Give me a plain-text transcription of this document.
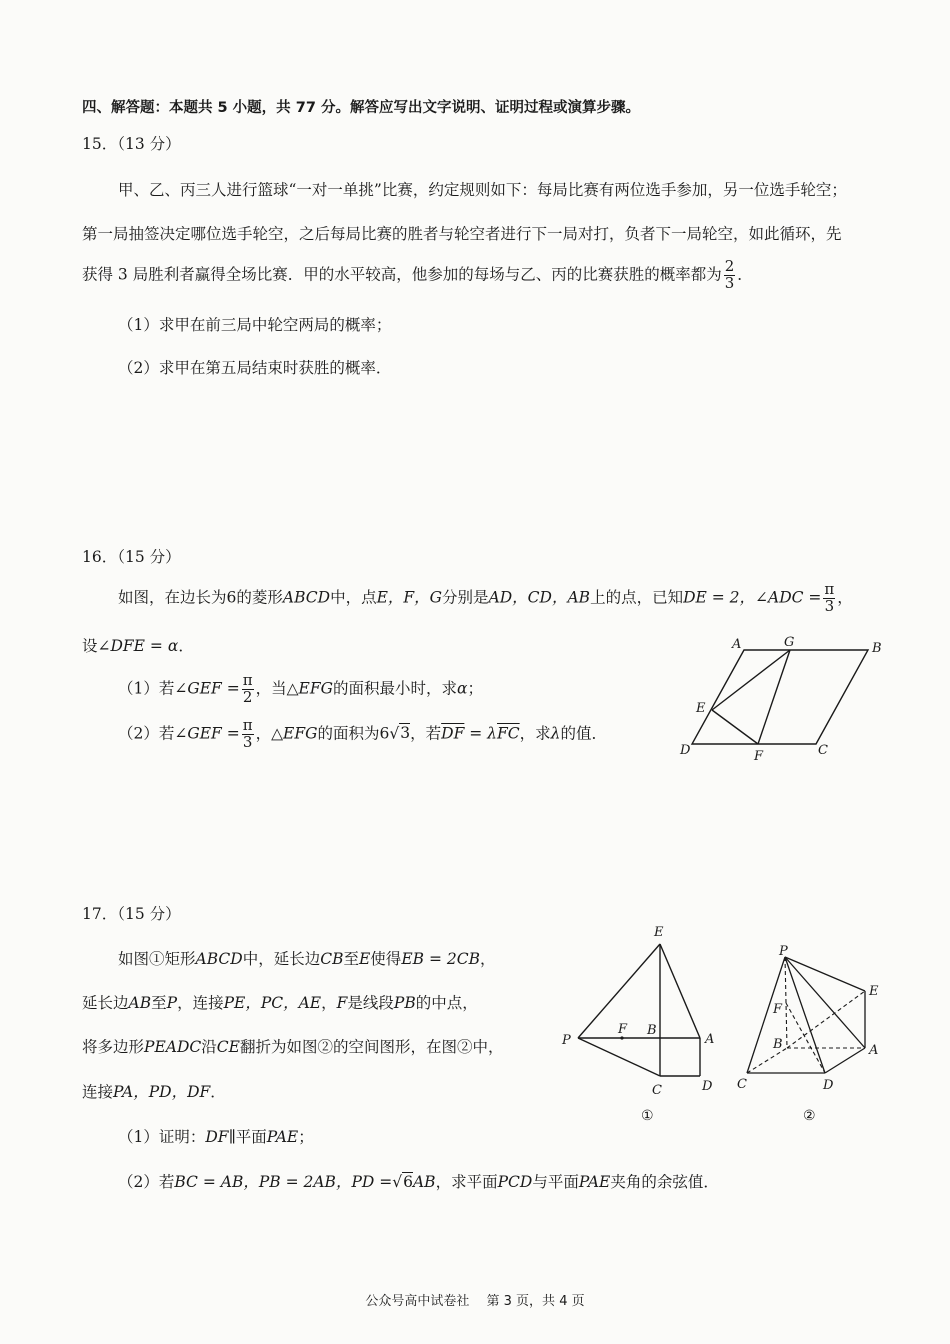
四、解答题：本题共 5 小题，共 77 分。解答应写出文字说明、证明过程或演算步骤。
15．（13 分）
甲、乙、丙三人进行篮球“一对一单挑”比赛，约定规则如下：每局比赛有两位选手参加，另一位选手轮空；
第一局抽签决定哪位选手轮空，之后每局比赛的胜者与轮空者进行下一局对打，负者下一局轮空，如此循环，先
获得 3 局胜利者赢得全场比赛．甲的水平较高，他参加的每场与乙、丙的比赛获胜的概率都为 $\frac{2}{3}$ ．
（1）求甲在前三局中轮空两局的概率；
（2）求甲在第五局结束时获胜的概率．
16．（15 分）
如图，在边长为6的菱形ABCD中，点E，F，G分别是AD，CD，AB上的点，已知DE = 2，∠ADC = $\frac{\pi}{3}$ ，
设∠DFE = α．
（1）若∠GEF = $\frac{\pi}{2}$ ，当△EFG的面积最小时，求α；
（2）若∠GEF = $\frac{\pi}{3}$ ，△EFG的面积为6√3，若$\overline{DF} = \lambda\overline{FC}$，求λ的值．
A	G	B
E
D	F	C
17．（15 分）
如图①矩形ABCD中，延长边CB至E使得EB = 2CB，
延长边AB至P，连接PE，PC，AE，F是线段PB的中点，
将多边形PEADC沿CE翻折为如图②的空间图形，在图②中，
连接PA，PD，DF．
（1）证明：DF∥平面PAE；
（2）若BC = AB，PB = 2AB，PD =√6AB，求平面PCD与平面PAE夹角的余弦值．
E
P
F B
A
C	D
①
P
E
F
B	A
C	D
②
公众号高中试卷社　 第 3 页，共 4 页
